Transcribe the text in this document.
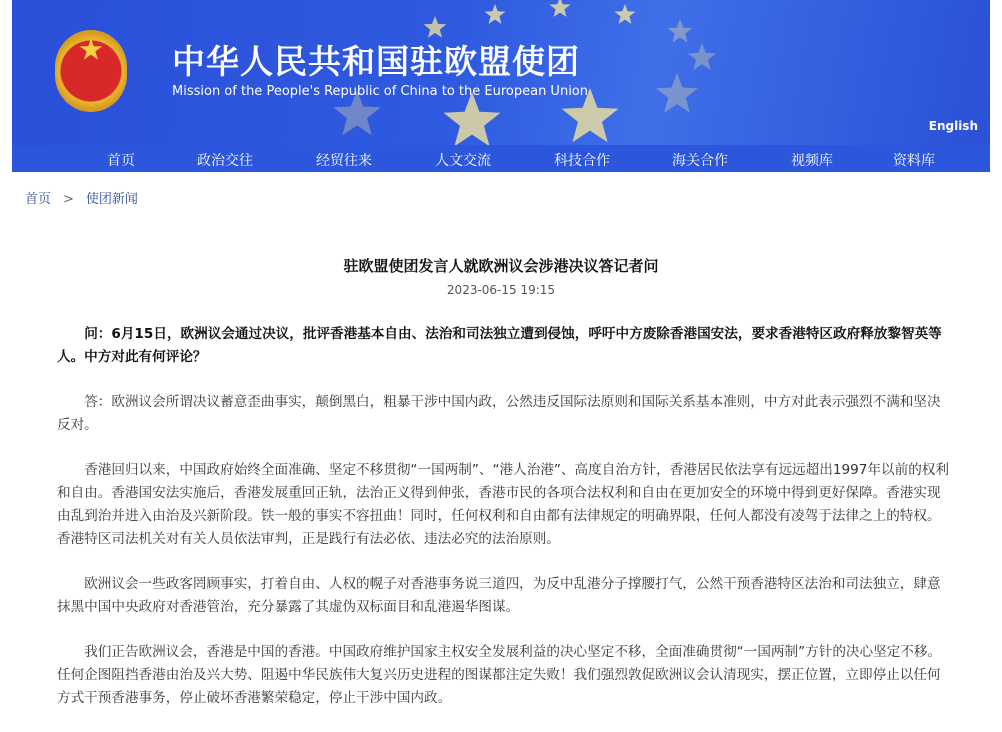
中华人民共和国驻欧盟使团
Mission of the People's Republic of China to the European Union
English
首页	政治交往	经贸往来	人文交流	科技合作	海关合作	视频库	资料库
首页 > 使团新闻
驻欧盟使团发言人就欧洲议会涉港决议答记者问
2023-06-15 19:15

问：6月15日，欧洲议会通过决议，批评香港基本自由、法治和司法独立遭到侵蚀，呼吁中方废除香港国安法，要求香港特区政府释放黎智英等人。中方对此有何评论？

答：欧洲议会所谓决议蓄意歪曲事实，颠倒黑白，粗暴干涉中国内政，公然违反国际法原则和国际关系基本准则，中方对此表示强烈不满和坚决反对。

香港回归以来，中国政府始终全面准确、坚定不移贯彻“一国两制”、“港人治港”、高度自治方针，香港居民依法享有远远超出1997年以前的权利和自由。香港国安法实施后，香港发展重回正轨，法治正义得到伸张，香港市民的各项合法权利和自由在更加安全的环境中得到更好保障。香港实现由乱到治并进入由治及兴新阶段。铁一般的事实不容扭曲！同时，任何权利和自由都有法律规定的明确界限，任何人都没有凌驾于法律之上的特权。香港特区司法机关对有关人员依法审判，正是践行有法必依、违法必究的法治原则。

欧洲议会一些政客罔顾事实，打着自由、人权的幌子对香港事务说三道四，为反中乱港分子撑腰打气，公然干预香港特区法治和司法独立，肆意抹黑中国中央政府对香港管治，充分暴露了其虚伪双标面目和乱港遏华图谋。

我们正告欧洲议会，香港是中国的香港。中国政府维护国家主权安全发展利益的决心坚定不移，全面准确贯彻“一国两制”方针的决心坚定不移。任何企图阻挡香港由治及兴大势、阻遏中华民族伟大复兴历史进程的图谋都注定失败！我们强烈敦促欧洲议会认清现实，摆正位置，立即停止以任何方式干预香港事务，停止破坏香港繁荣稳定，停止干涉中国内政。
